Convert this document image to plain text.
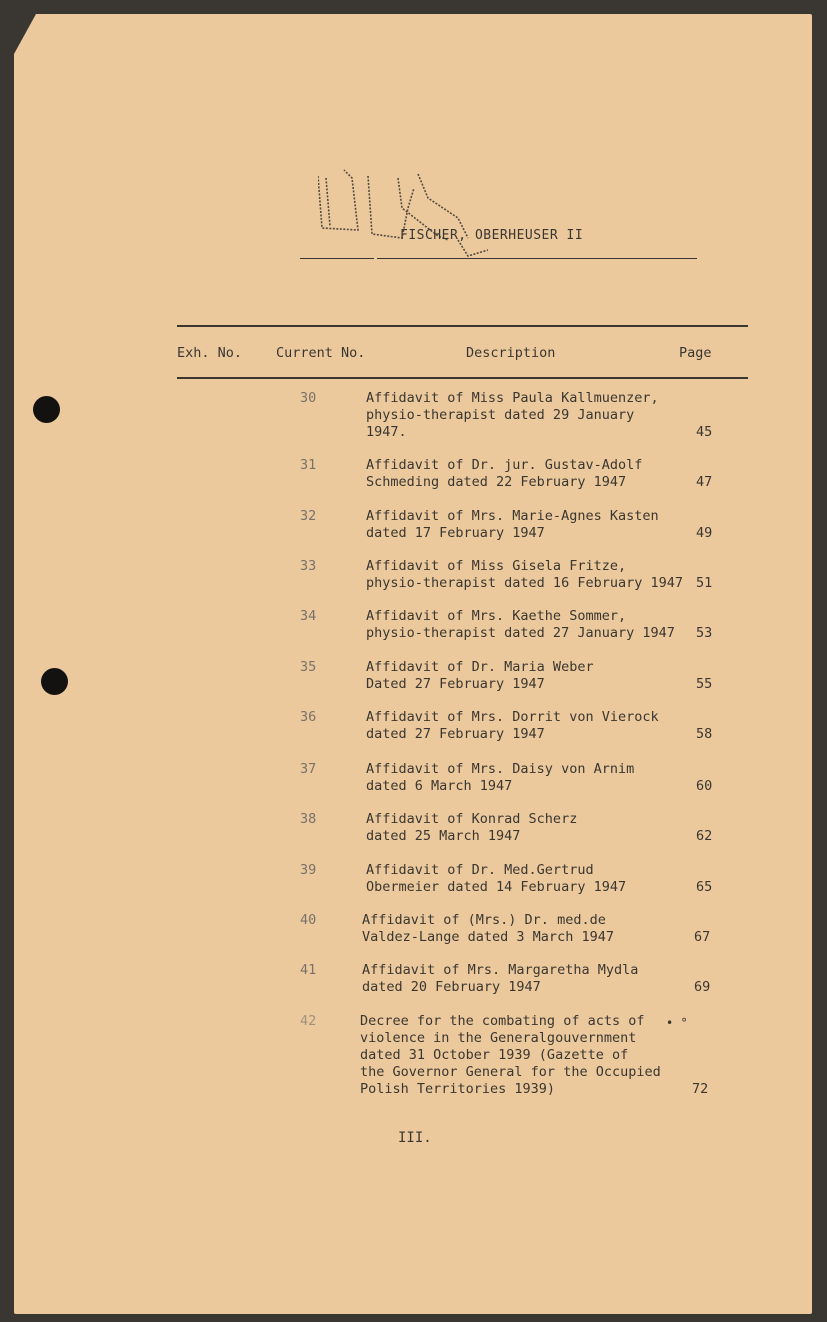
FISCHER, OBERHEUSER II
Exh. No.	Current No.	Description	Page
30	Affidavit of Miss Paula Kallmuenzer,
physio-therapist dated 29 January
1947.	45
31	Affidavit of Dr. jur. Gustav-Adolf
Schmeding dated 22 February 1947	47
32	Affidavit of Mrs. Marie-Agnes Kasten
dated 17 February 1947	49
33	Affidavit of Miss Gisela Fritze,
physio-therapist dated 16 February 1947 51
34	Affidavit of Mrs. Kaethe Sommer,
physio-therapist dated 27 January 1947 53
35	Affidavit of Dr. Maria Weber
Dated 27 February 1947	55
36	Affidavit of Mrs. Dorrit von Vierock
dated 27 February 1947	58
37	Affidavit of Mrs. Daisy von Arnim
dated 6 March 1947	60
38	Affidavit of Konrad Scherz
dated 25 March 1947	62
39	Affidavit of Dr. Med.Gertrud
Obermeier dated 14 February 1947	65
40	Affidavit of (Mrs.) Dr. med.de
Valdez-Lange dated 3 March 1947	67
41	Affidavit of Mrs. Margaretha Mydla
dated 20 February 1947	69
42	Decree for the combating of acts of
violence in the Generalgouvernment
dated 31 October 1939 (Gazette of
the Governor General for the Occupied
Polish Territories 1939)	72
• °
III.
